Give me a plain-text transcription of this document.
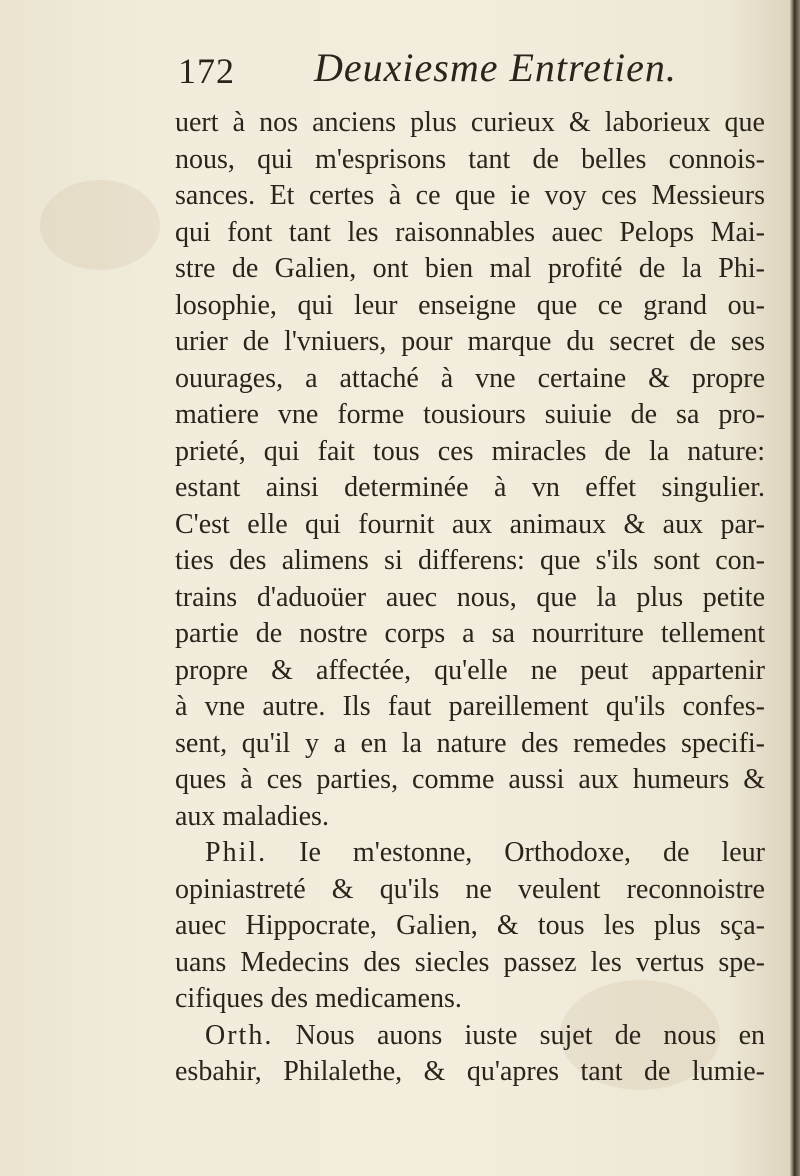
172 Deuxiesme Entretien.
uert à nos anciens plus curieux & laborieux que
nous, qui m'esprisons tant de belles connois-
sances. Et certes à ce que ie voy ces Messieurs
qui font tant les raisonnables auec Pelops Mai-
stre de Galien, ont bien mal profité de la Phi-
losophie, qui leur enseigne que ce grand ou-
urier de l'vniuers, pour marque du secret de ses
ouurages, a attaché à vne certaine & propre
matiere vne forme tousiours suiuie de sa pro-
prieté, qui fait tous ces miracles de la nature:
estant ainsi determinée à vn effet singulier.
C'est elle qui fournit aux animaux & aux par-
ties des alimens si differens: que s'ils sont con-
trains d'aduoüer auec nous, que la plus petite
partie de nostre corps a sa nourriture tellement
propre & affectée, qu'elle ne peut appartenir
à vne autre. Ils faut pareillement qu'ils confes-
sent, qu'il y a en la nature des remedes specifi-
ques à ces parties, comme aussi aux humeurs &
aux maladies.
Phil. Ie m'estonne, Orthodoxe, de leur
opiniastreté & qu'ils ne veulent reconnoistre
auec Hippocrate, Galien, & tous les plus sça-
uans Medecins des siecles passez les vertus spe-
cifiques des medicamens.
Orth. Nous auons iuste sujet de nous en
esbahir, Philalethe, & qu'apres tant de lumie-
